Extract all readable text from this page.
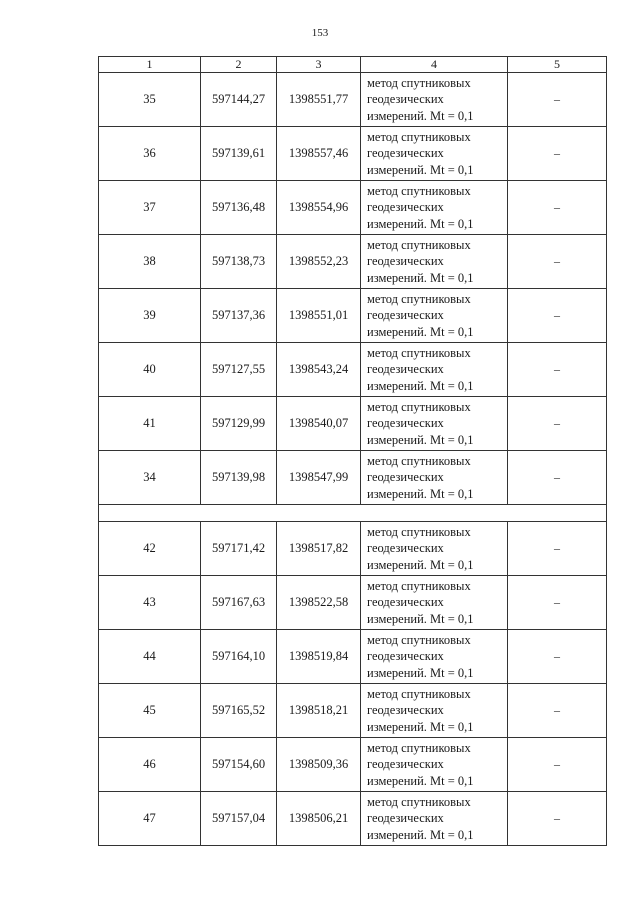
153
1	2	3	4	5
35	597144,27	1398551,77	метод спутниковых
геодезических
измерений. Mt = 0,1	–
36	597139,61	1398557,46	метод спутниковых
геодезических
измерений. Mt = 0,1	–
37	597136,48	1398554,96	метод спутниковых
геодезических
измерений. Mt = 0,1	–
38	597138,73	1398552,23	метод спутниковых
геодезических
измерений. Mt = 0,1	–
39	597137,36	1398551,01	метод спутниковых
геодезических
измерений. Mt = 0,1	–
40	597127,55	1398543,24	метод спутниковых
геодезических
измерений. Mt = 0,1	–
41	597129,99	1398540,07	метод спутниковых
геодезических
измерений. Mt = 0,1	–
34	597139,98	1398547,99	метод спутниковых
геодезических
измерений. Mt = 0,1	–

42	597171,42	1398517,82	метод спутниковых
геодезических
измерений. Mt = 0,1	–
43	597167,63	1398522,58	метод спутниковых
геодезических
измерений. Mt = 0,1	–
44	597164,10	1398519,84	метод спутниковых
геодезических
измерений. Mt = 0,1	–
45	597165,52	1398518,21	метод спутниковых
геодезических
измерений. Mt = 0,1	–
46	597154,60	1398509,36	метод спутниковых
геодезических
измерений. Mt = 0,1	–
47	597157,04	1398506,21	метод спутниковых
геодезических
измерений. Mt = 0,1	–
